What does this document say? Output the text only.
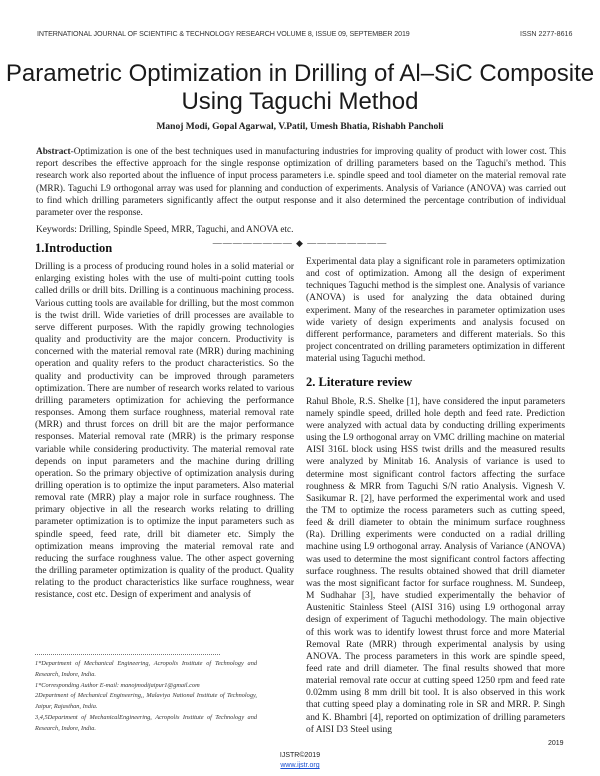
INTERNATIONAL JOURNAL OF SCIENTIFIC & TECHNOLOGY RESEARCH VOLUME 8, ISSUE 09, SEPTEMBER 2019	ISSN 2277-8616
Parametric Optimization in Drilling of Al–SiC Composite Using Taguchi Method
Manoj Modi, Gopal Agarwal, V.Patil, Umesh Bhatia, Rishabh Pancholi
Abstract-Optimization is one of the best techniques used in manufacturing industries for improving quality of product with lower cost. This report describes the effective approach for the single response optimization of drilling parameters based on the Taguchi's method. This research work also reported about the influence of input process parameters i.e. spindle speed and tool diameter on the material removal rate (MRR). Taguchi L9 orthogonal array was used for planning and conduction of experiments. Analysis of Variance (ANOVA) was carried out to find which drilling parameters significantly affect the output response and it also determined the percentage contribution of individual parameter over the response.
Keywords: Drilling, Spindle Speed, MRR, Taguchi, and ANOVA etc.
———————— ◆ ————————
1.Introduction

Drilling is a process of producing round holes in a solid material or enlarging existing holes with the use of multi-point cutting tools called drills or drill bits. Drilling is a continuous machining process. Various cutting tools are available for drilling, but the most common is the twist drill. Wide varieties of drill processes are available to serve different purposes. With the rapidly growing technologies quality and productivity are the major concern. Productivity is concerned with the material removal rate (MRR) during machining operation and quality refers to the product characteristics. So the quality and productivity can be improved through parameters optimization. There are number of research works related to various drilling parameters optimization for achieving the performance responses. Among them surface roughness, material removal rate (MRR) and thrust forces on drill bit are the major performance responses. Material removal rate (MRR) is the primary response variable while considering productivity. The material removal rate depends on input parameters and the machine during drilling operation. So the primary objective of optimization analysis during drilling operation is to optimize the input parameters. Also material removal rate (MRR) play a major role in surface roughness. The primary objective in all the research works relating to drilling parameter optimization is to optimize the input parameters such as spindle speed, feed rate, drill bit diameter etc. Simply the optimization means improving the material removal rate and reducing the surface roughness value. The other aspect governing the drilling parameter optimization is quality of the product. Quality relating to the product characteristics like surface roughness, wear resistance, cost etc. Design of experiment and analysis of

Experimental data play a significant role in parameters optimization and cost of optimization. Among all the design of experiment techniques Taguchi method is the simplest one. Analysis of variance (ANOVA) is used for analyzing the data obtained during experiment. Many of the researches in parameter optimization uses wide variety of design experiments and analysis focused on different performance, parameters and different materials. So this project concentrated on drilling parameters optimization in different material using Taguchi method.

2. Literature review

Rahul Bhole, R.S. Shelke [1], have considered the input parameters namely spindle speed, drilled hole depth and feed rate. Prediction were analyzed with actual data by conducting drilling experiments using the L9 orthogonal array on VMC drilling machine on material AISI 316L block using HSS twist drills and the measured results were analyzed by Minitab 16. Analysis of variance is used to determine most significant control factors affecting the surface roughness & MRR from Taguchi S/N ratio Analysis. Vignesh V. Sasikumar R. [2], have performed the experimental work and used the TM to optimize the rocess parameters such as cutting speed, feed & drill diameter to obtain the minimum surface roughness (Ra). Drilling experiments were conducted on a radial drilling machine using L9 orthogonal array. Analysis of Variance (ANOVA) was used to determine the most significant control factors affecting surface roughness. The results obtained showed that drill diameter was the most significant factor for surface roughness. M. Sundeep, M Sudhahar [3], have studied experimentally the behavior of Austenitic Stainless Steel (AISI 316) using L9 orthogonal array design of experiment of Taguchi methodology. The main objective of this work was to identify lowest thrust force and more Material Removal Rate (MRR) through experimental analysis by using ANOVA. The process parameters in this work are spindle speed, feed rate and drill diameter. The final results showed that more material removal rate occur at cutting speed 1250 rpm and feed rate 0.02mm using 8 mm drill bit tool. It is also observed in this work that cutting speed play a dominating role in SR and MRR. P. Singh and K. Bhambri [4], reported on optimization of drilling parameters of AISI D3 Steel using

1*Department of Mechanical Engineering, Acropolis Institute of Technology and Research, Indore, India.
1*Corresponding Author E-mail: manojmodijaipur1@gmail.com
2Department of Mechanical Engineering,, Malaviya National Institute of Technology, Jaipur, Rajasthan, India.
3,4,5Department of MechanicalEngineering, Acropolis Institute of Technology and Research, Indore, India.
2019
IJSTR©2019
www.ijstr.org
